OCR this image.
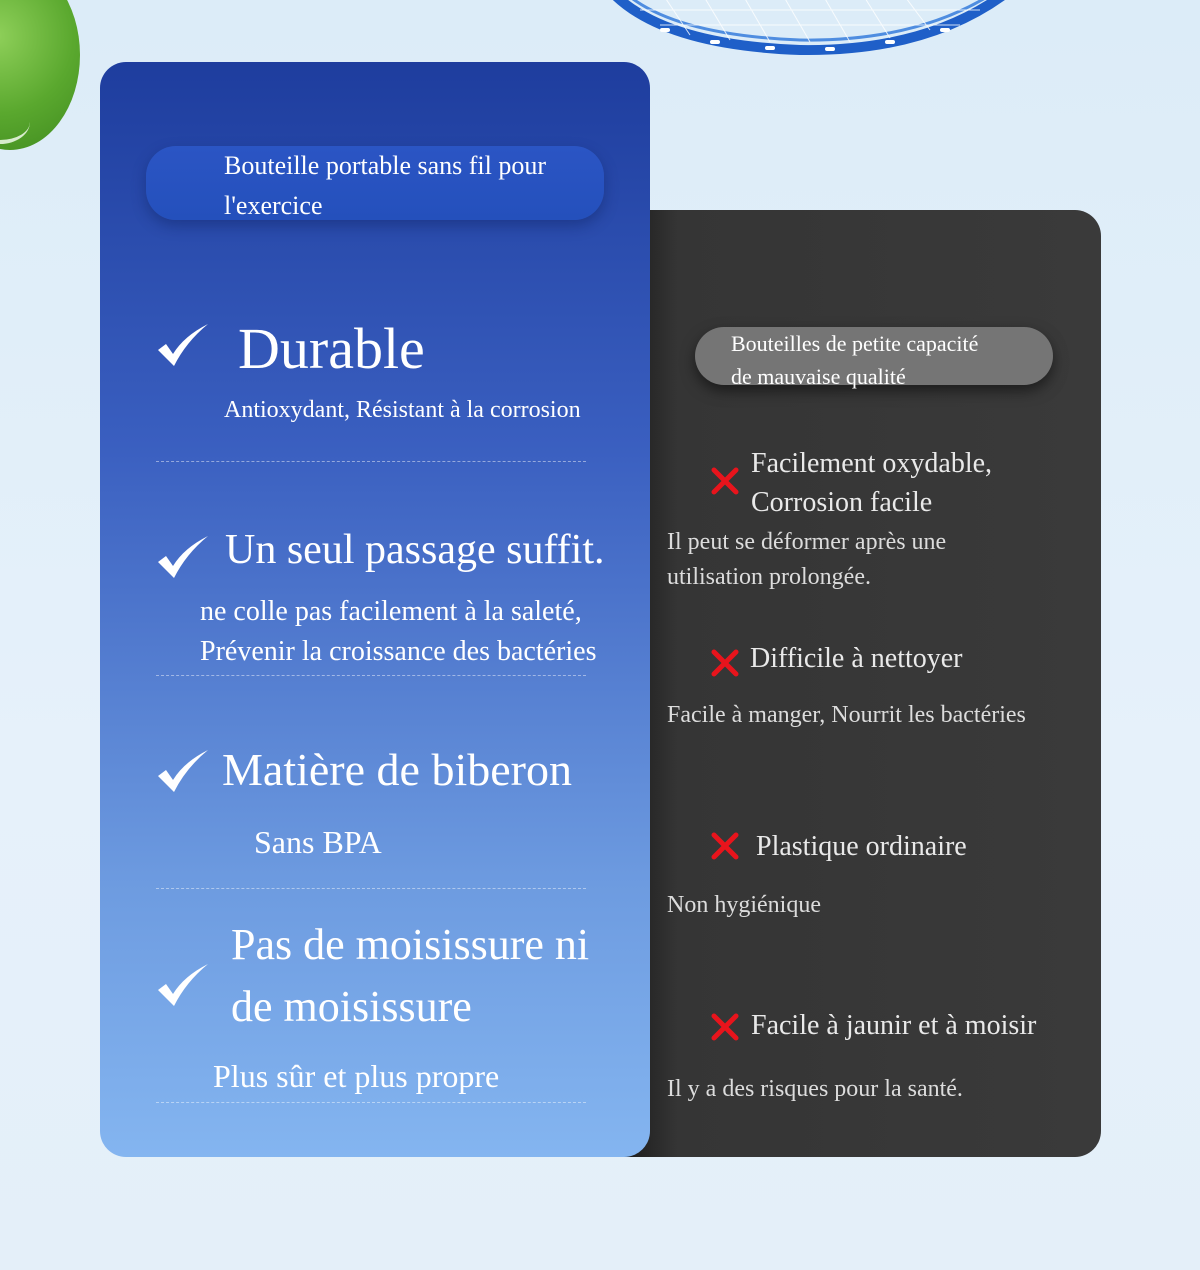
Bouteilles de petite capacité
de mauvaise qualité
Facilement oxydable,
Corrosion facile
Il peut se déformer après une
utilisation prolongée.
Difficile à nettoyer
Facile à manger, Nourrit les bactéries
Plastique ordinaire
Non hygiénique
Facile à jaunir et à moisir
Il y a des risques pour la santé.
Bouteille portable sans fil pour l'exercice
Durable
Antioxydant, Résistant à la corrosion
Un seul passage suffit.
ne colle pas facilement à la saleté,
Prévenir la croissance des bactéries
Matière de biberon
Sans BPA
Pas de moisissure ni
de moisissure
Plus sûr et plus propre
